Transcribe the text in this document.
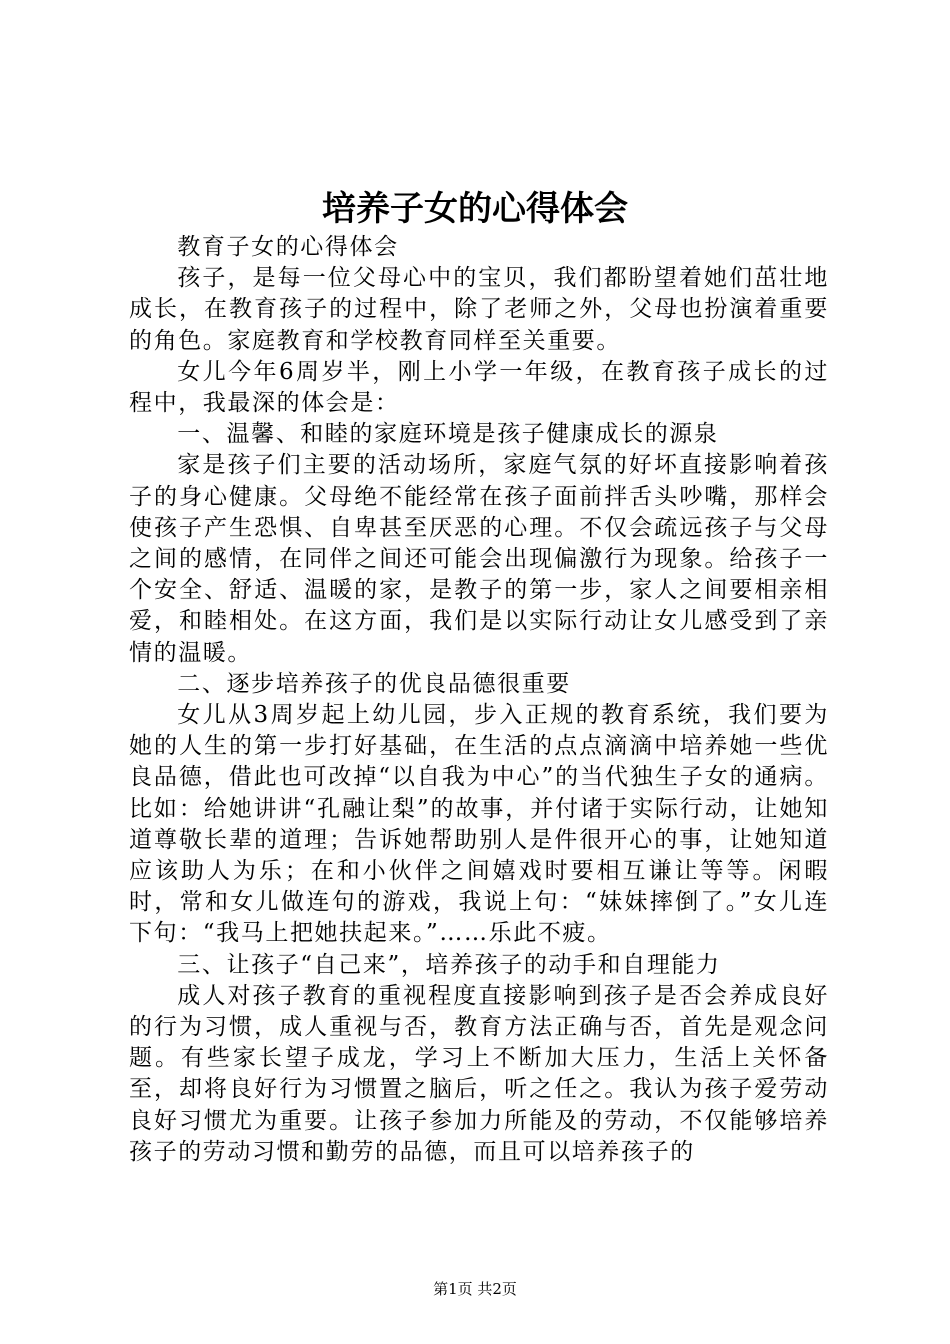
培养子女的心得体会

教育子女的心得体会

孩子，是每一位父母心中的宝贝，我们都盼望着她们茁壮地成长，在教育孩子的过程中，除了老师之外，父母也扮演着重要的角色。家庭教育和学校教育同样至关重要。

女儿今年6周岁半，刚上小学一年级，在教育孩子成长的过程中，我最深的体会是：

一、温馨、和睦的家庭环境是孩子健康成长的源泉

家是孩子们主要的活动场所，家庭气氛的好坏直接影响着孩子的身心健康。父母绝不能经常在孩子面前拌舌头吵嘴，那样会使孩子产生恐惧、自卑甚至厌恶的心理。不仅会疏远孩子与父母之间的感情，在同伴之间还可能会出现偏激行为现象。给孩子一个安全、舒适、温暖的家，是教子的第一步，家人之间要相亲相爱，和睦相处。在这方面，我们是以实际行动让女儿感受到了亲情的温暖。

二、逐步培养孩子的优良品德很重要

女儿从3周岁起上幼儿园，步入正规的教育系统，我们要为她的人生的第一步打好基础，在生活的点点滴滴中培养她一些优良品德，借此也可改掉“以自我为中心”的当代独生子女的通病。比如：给她讲讲“孔融让梨”的故事，并付诸于实际行动，让她知道尊敬长辈的道理；告诉她帮助别人是件很开心的事，让她知道应该助人为乐；在和小伙伴之间嬉戏时要相互谦让等等。闲暇时，常和女儿做连句的游戏，我说上句：“妹妹摔倒了。”女儿连下句：“我马上把她扶起来。”……乐此不疲。

三、让孩子“自己来”，培养孩子的动手和自理能力

成人对孩子教育的重视程度直接影响到孩子是否会养成良好的行为习惯，成人重视与否，教育方法正确与否，首先是观念问题。有些家长望子成龙，学习上不断加大压力，生活上关怀备至，却将良好行为习惯置之脑后，听之任之。我认为孩子爱劳动良好习惯尤为重要。让孩子参加力所能及的劳动，不仅能够培养孩子的劳动习惯和勤劳的品德，而且可以培养孩子的

第1页 共2页
